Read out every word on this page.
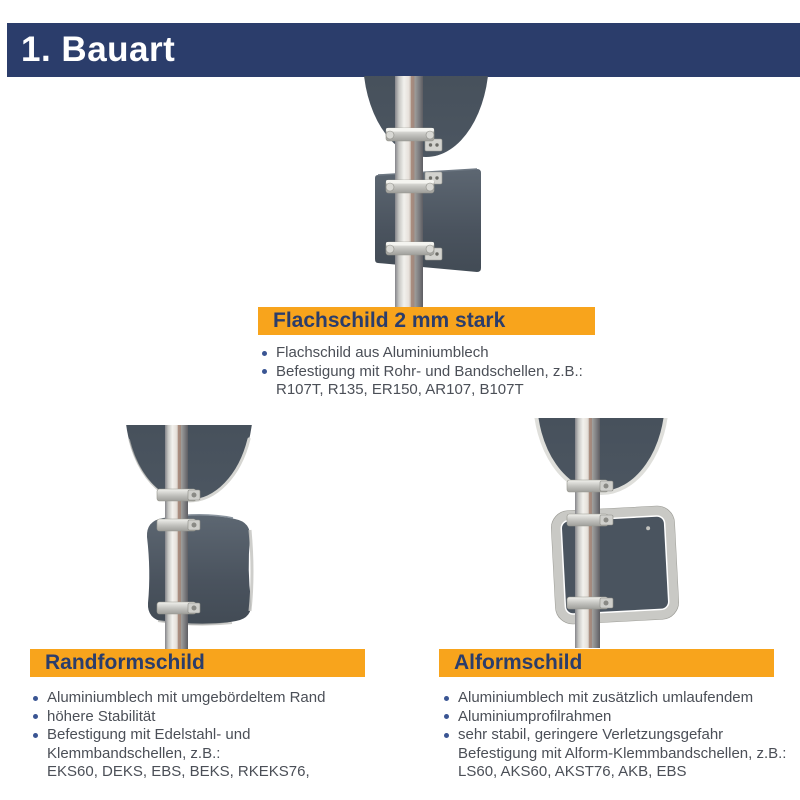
1. Bauart
Flachschild 2 mm stark
Flachschild aus Aluminiumblech
Befestigung mit Rohr- und Bandschellen, z.B.:
R107T, R135, ER150, AR107, B107T
Randformschild
Aluminiumblech mit umgebördeltem Rand
höhere Stabilität
Befestigung mit Edelstahl- und
Klemmbandschellen, z.B.:
EKS60, DEKS, EBS, BEKS, RKEKS76,
Alformschild
Aluminiumblech mit zusätzlich umlaufendem
Aluminiumprofilrahmen
sehr stabil, geringere Verletzungsgefahr
Befestigung mit Alform-Klemmbandschellen, z.B.:
LS60, AKS60, AKST76, AKB, EBS
